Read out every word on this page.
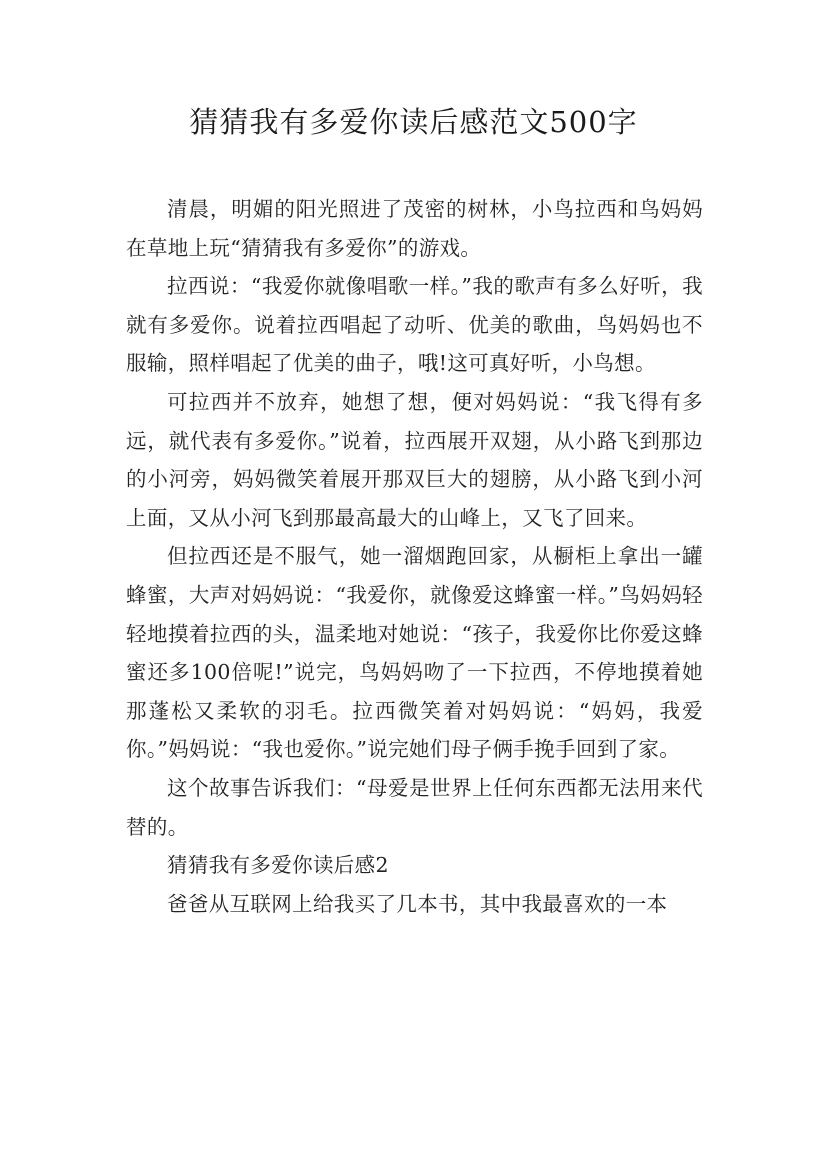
猜猜我有多爱你读后感范文500字

清晨，明媚的阳光照进了茂密的树林，小鸟拉西和鸟妈妈在草地上玩“猜猜我有多爱你”的游戏。

拉西说：“我爱你就像唱歌一样。”我的歌声有多么好听，我就有多爱你。说着拉西唱起了动听、优美的歌曲，鸟妈妈也不服输，照样唱起了优美的曲子，哦!这可真好听，小鸟想。

可拉西并不放弃，她想了想，便对妈妈说：“我飞得有多远，就代表有多爱你。”说着，拉西展开双翅，从小路飞到那边的小河旁，妈妈微笑着展开那双巨大的翅膀，从小路飞到小河上面，又从小河飞到那最高最大的山峰上，又飞了回来。

但拉西还是不服气，她一溜烟跑回家，从橱柜上拿出一罐蜂蜜，大声对妈妈说：“我爱你，就像爱这蜂蜜一样。”鸟妈妈轻轻地摸着拉西的头，温柔地对她说：“孩子，我爱你比你爱这蜂蜜还多100倍呢!”说完，鸟妈妈吻了一下拉西，不停地摸着她那蓬松又柔软的羽毛。拉西微笑着对妈妈说：“妈妈，我爱你。”妈妈说：“我也爱你。”说完她们母子俩手挽手回到了家。

这个故事告诉我们：“母爱是世界上任何东西都无法用来代替的。

猜猜我有多爱你读后感2

爸爸从互联网上给我买了几本书，其中我最喜欢的一本
